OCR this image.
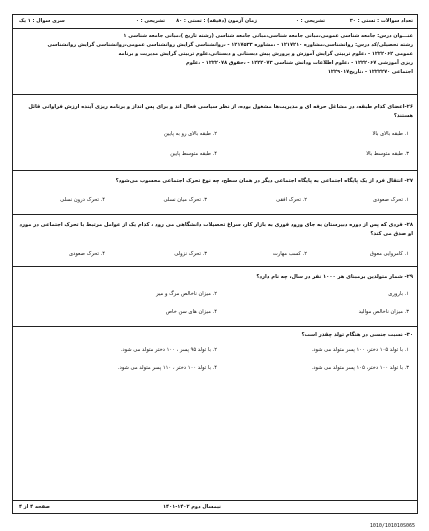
تعداد سوالات : تستی : ۳۰
تشریحی : ۰
زمان آزمون (دقیقه) : تستی : ۸۰
تشریحی : ۰
سری سوال : ۱ یک
عنـــوان درس: جامعه شناسی عمومی،مبانی جامعه شناسی،مبانی جامعه شناسی (رشته تاریخ )،مبانی جامعه شناسی ۱
رشته تحصیلی/کد درس: روانشناسی،مشاوره ۱۲۱۷۲۱۰ - ،مشاوره ۱۲۱۷۵۳۳ - ،روانشناسی گرایش روانشناسی عمومی،روانشناسی گرایش روانشناسی
عمومی ۱۲۲۲۰۶۲ - ،علوم تربیتی گرایش آموزش و پرورش پیش دبستانی و دبستانی،علوم تربیتی گرایش مدیریت و برنامه
ریزی آموزشی ۱۲۲۲۰۶۷ - ،علوم اطلاعات ودانش شناسی ۱۲۲۲۰۷۳ - ،حقوق ۱۲۲۲۰۷۸ - ،علوم
اجتماعی ۱۲۲۲۲۷۰ - ،تاریخ۱۲۲۹۰۱۷
۲۶-اعضای کدام طبقه، در مشاغل حرفه ای و مدیریت‌ها مشغول بوده، از نظر سیاسی فعال اند و برای پس انداز و برنامه ریزی آینده ارزش فراوانی قائل هستند؟
۱. طبقه بالای بالا
۲. طبقه بالای رو به پایین
۳. طبقه متوسط بالا
۴. طبقه متوسط پایین
۲۷- انتقال فرد از یک پایگاه اجتماعی به پایگاه اجتماعی دیگر در همان سطح، چه نوع تحرک اجتماعی محسوب می‌شود؟
۱. تحرک صعودی
۲. تحرک افقی
۳. تحرک میان نسلی
۴. تحرک درون نسلی
۲۸- فردی که پس از دوره دبیرستان به جای ورود فوری به بازار کار، سراغ تحصیلات دانشگاهی می رود ، کدام یک از عوامل مرتبط با تحرک اجتماعی در مورد او صدق می کند؟
۱. کامروایی معوق
۲. کسب مهارت
۳. تحرک نزولی
۴. تحرک صعودی
۲۹- شمار متولدین برمبنای هر ۱۰۰۰ نفر در سال، چه نام دارد؟
۱. باروری
۲. میزان ناخالص مرگ و میر
۳. میزان ناخالص موالید
۴. میزان های سن خاص
۳۰- نسبت جنسی در هنگام تولد چقدر است؟
۱. با تولد ۱۰۵ دختر، ۱۰۰ پسر متولد می شود.
۲. با تولد ۹۵ پسر ، ۱۰۰ دختر متولد می شود.
۳. با تولد ۱۰۰ دختر، ۱۰۵ پسر متولد می شود.
۴. با تولد ۱۰۰ دختر ، ۱۱۰ پسر متولد می شود.
صفحه ۴ از ۴	نیمسال دوم ۱۴۰۲-۱۴۰۱
1010/101010S065
